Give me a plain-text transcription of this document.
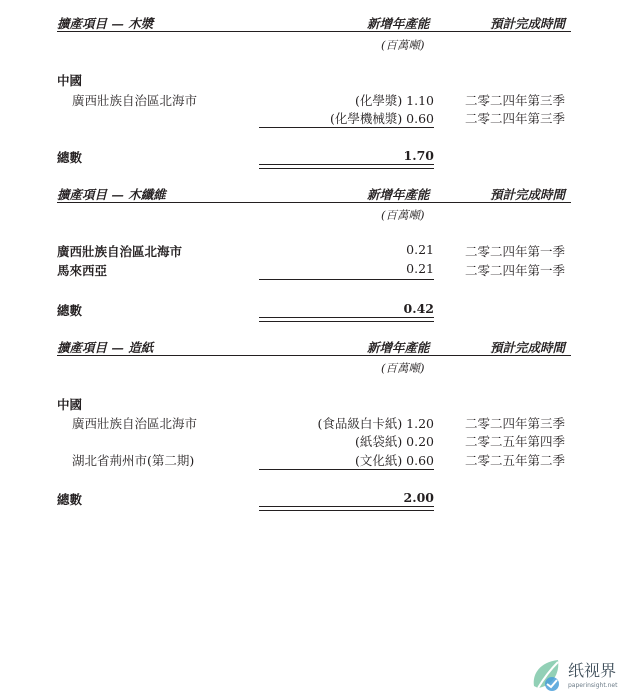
擴產項目 — 木漿	新增年產能	預計完成時間
(百萬噸)
中國
廣西壯族自治區北海市	(化學漿) 1.10 二零二四年第三季
(化學機械漿) 0.60 二零二四年第三季
總數	1.70
擴產項目 — 木纖維	新增年產能	預計完成時間
(百萬噸)
廣西壯族自治區北海市	0.21 二零二四年第一季
馬來西亞	0.21 二零二四年第一季
總數	0.42
擴產項目 — 造紙	新增年產能	預計完成時間
(百萬噸)
中國
廣西壯族自治區北海市	(食品級白卡紙) 1.20 二零二四年第三季
(紙袋紙) 0.20 二零二五年第四季
湖北省荊州市(第二期)	(文化紙) 0.60 二零二五年第二季
總數	2.00
纸视界
paperinsight.net
